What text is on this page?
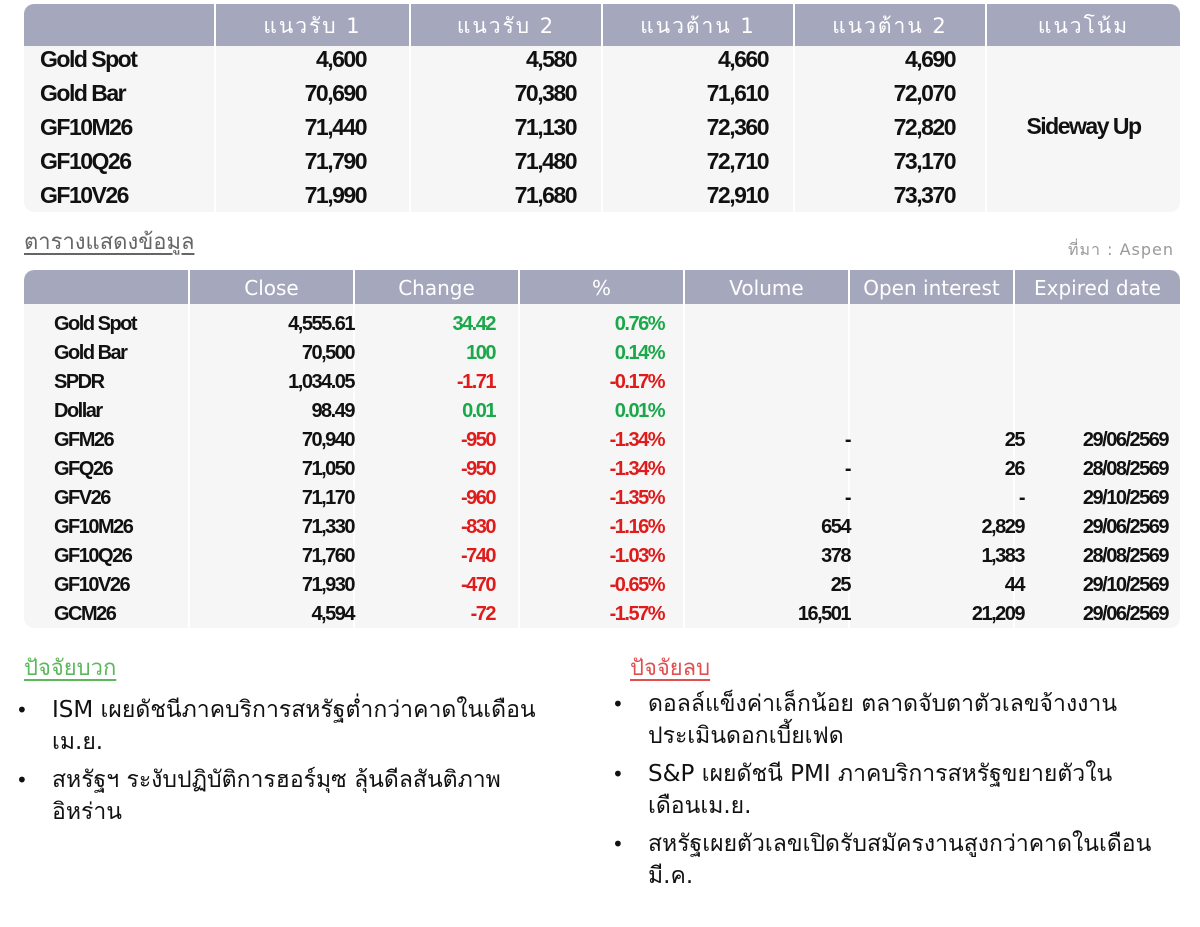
แนวรับ 1	แนวรับ 2	แนวต้าน 1	แนวต้าน 2	แนวโน้ม
Gold Spot	4,600	4,580	4,660	4,690
Gold Bar	70,690	70,380	71,610	72,070
GF10M26	71,440	71,130	72,360	72,820
GF10Q26	71,790	71,480	72,710	73,170
GF10V26	71,990	71,680	72,910	73,370
Sideway Up
ตารางแสดงข้อมูล	ที่มา : Aspen
Close	Change	%	Volume	Open interest	Expired date
Gold Spot	4,555.61	34.42	0.76%
Gold Bar	70,500	100	0.14%
SPDR	1,034.05	-1.71	-0.17%
Dollar	98.49	0.01	0.01%
GFM26	70,940	-950	-1.34%	-	25	29/06/2569
GFQ26	71,050	-950	-1.34%	-	26	28/08/2569
GFV26	71,170	-960	-1.35%	-	-	29/10/2569
GF10M26	71,330	-830	-1.16%	654	2,829	29/06/2569
GF10Q26	71,760	-740	-1.03%	378	1,383	28/08/2569
GF10V26	71,930	-470	-0.65%	25	44	29/10/2569
GCM26	4,594	-72	-1.57%	16,501	21,209	29/06/2569
ปัจจัยบวก
• ISM เผยดัชนีภาคบริการสหรัฐต่ำกว่าคาดในเดือนเม.ย.
• สหรัฐฯ ระงับปฏิบัติการฮอร์มุซ ลุ้นดีลสันติภาพอิหร่าน
ปัจจัยลบ
• ดอลล์แข็งค่าเล็กน้อย ตลาดจับตาตัวเลขจ้างงานประเมินดอกเบี้ยเฟด
• S&P เผยดัชนี PMI ภาคบริการสหรัฐขยายตัวในเดือนเม.ย.
• สหรัฐเผยตัวเลขเปิดรับสมัครงานสูงกว่าคาดในเดือนมี.ค.
